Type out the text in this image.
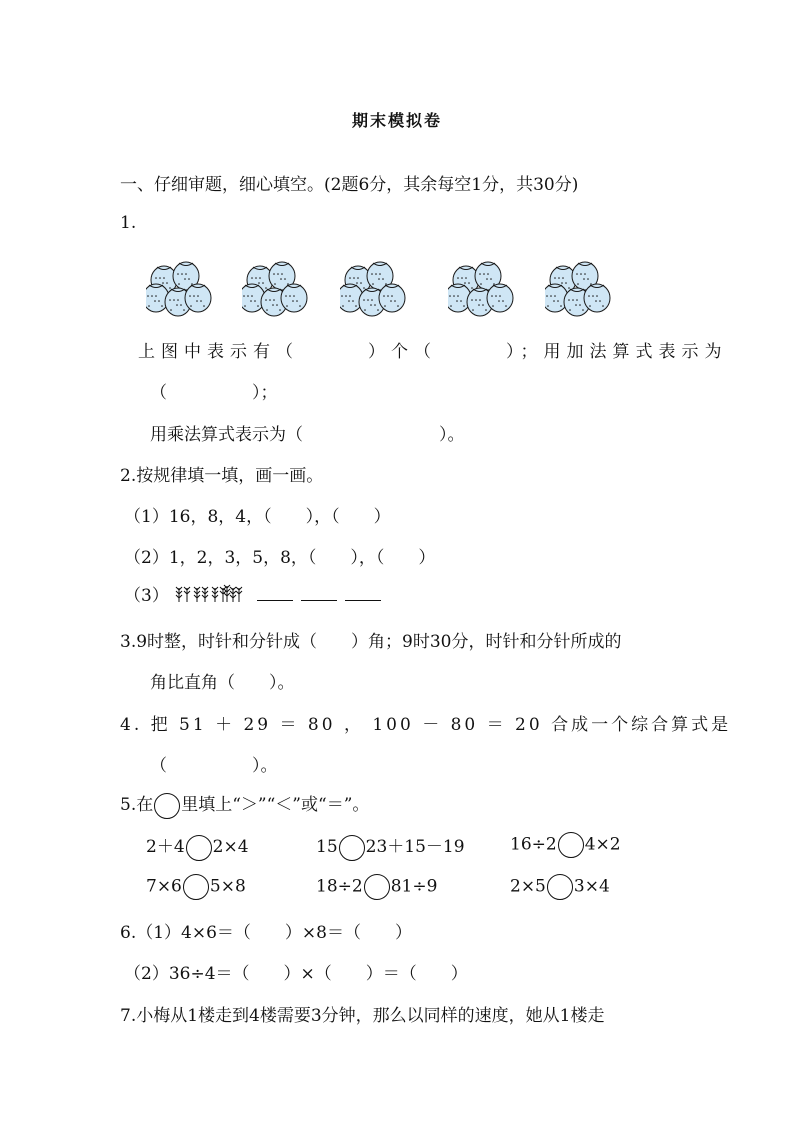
期末模拟卷
一、仔细审题，细心填空。(2题6分，其余每空1分，共30分)
1.
上图中表示有（　　　）个（　　　）；用加法算式表示为
（　　　　　）；
用乘法算式表示为（　　　　　　　　）。
2.按规律填一填，画一画。
（1）16，8，4，（　　），（　　）
（2）1，2，3，5，8，（　　），（　　）
（3）
3.9时整，时针和分针成（　　）角；9时30分，时针和分针所成的
角比直角（　　）。
4. 把 51 ＋ 29 ＝ 80 ， 100 － 80 ＝ 20 合成一个综合算式是
（　　　　　）。
5.在 里填上“＞”“＜”或“＝”。
2＋4 2×4	15 23＋15－19	16÷2 4×2
7×6 5×8	18÷2 81÷9	2×5 3×4
6.（1）4×6＝（　　）×8＝（　　）
（2）36÷4＝（　　）×（　　）＝（　　）
7.小梅从1楼走到4楼需要3分钟，那么以同样的速度，她从1楼走
